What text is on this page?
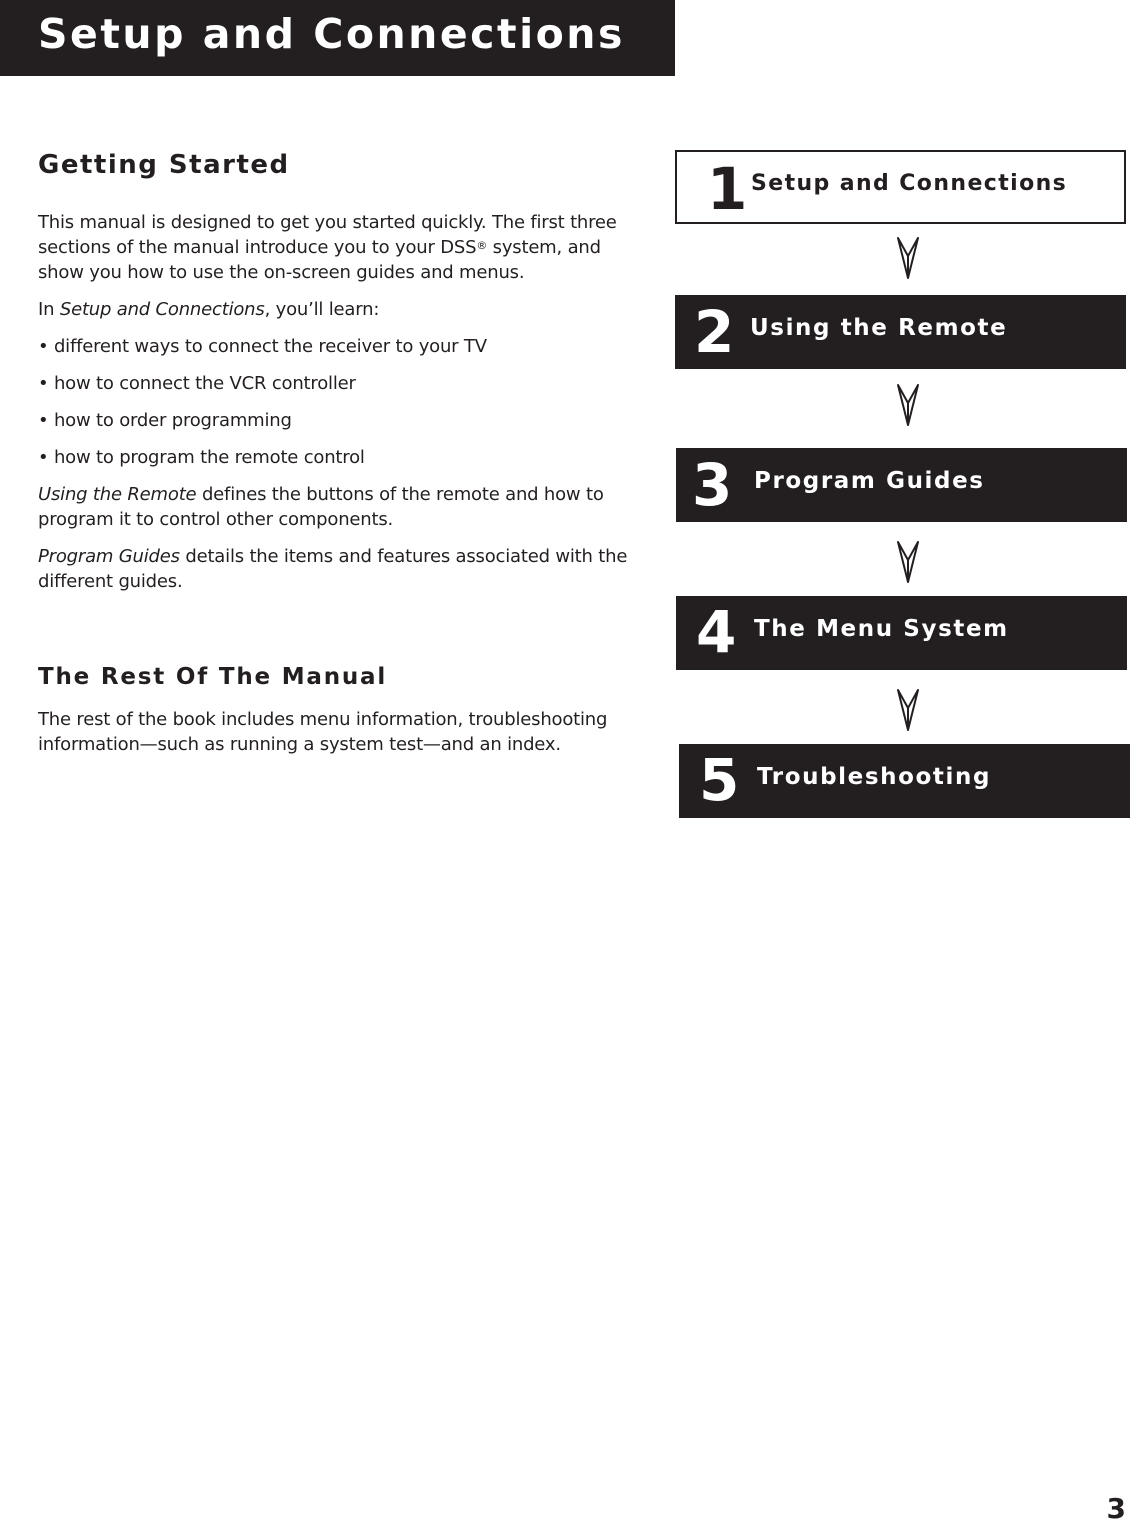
Setup and Connections
Getting Started

This manual is designed to get you started quickly. The first three sections of the manual introduce you to your DSS® system, and show you how to use the on-screen guides and menus.

In Setup and Connections, you’ll learn:

• different ways to connect the receiver to your TV

• how to connect the VCR controller

• how to order programming

• how to program the remote control

Using the Remote defines the buttons of the remote and how to program it to control other components.

Program Guides details the items and features associated with the different guides.

The Rest Of The Manual

The rest of the book includes menu information, troubleshooting information—such as running a system test—and an index.

1 Setup and Connections
2 Using the Remote
3 Program Guides
4 The Menu System
5 Troubleshooting
3
